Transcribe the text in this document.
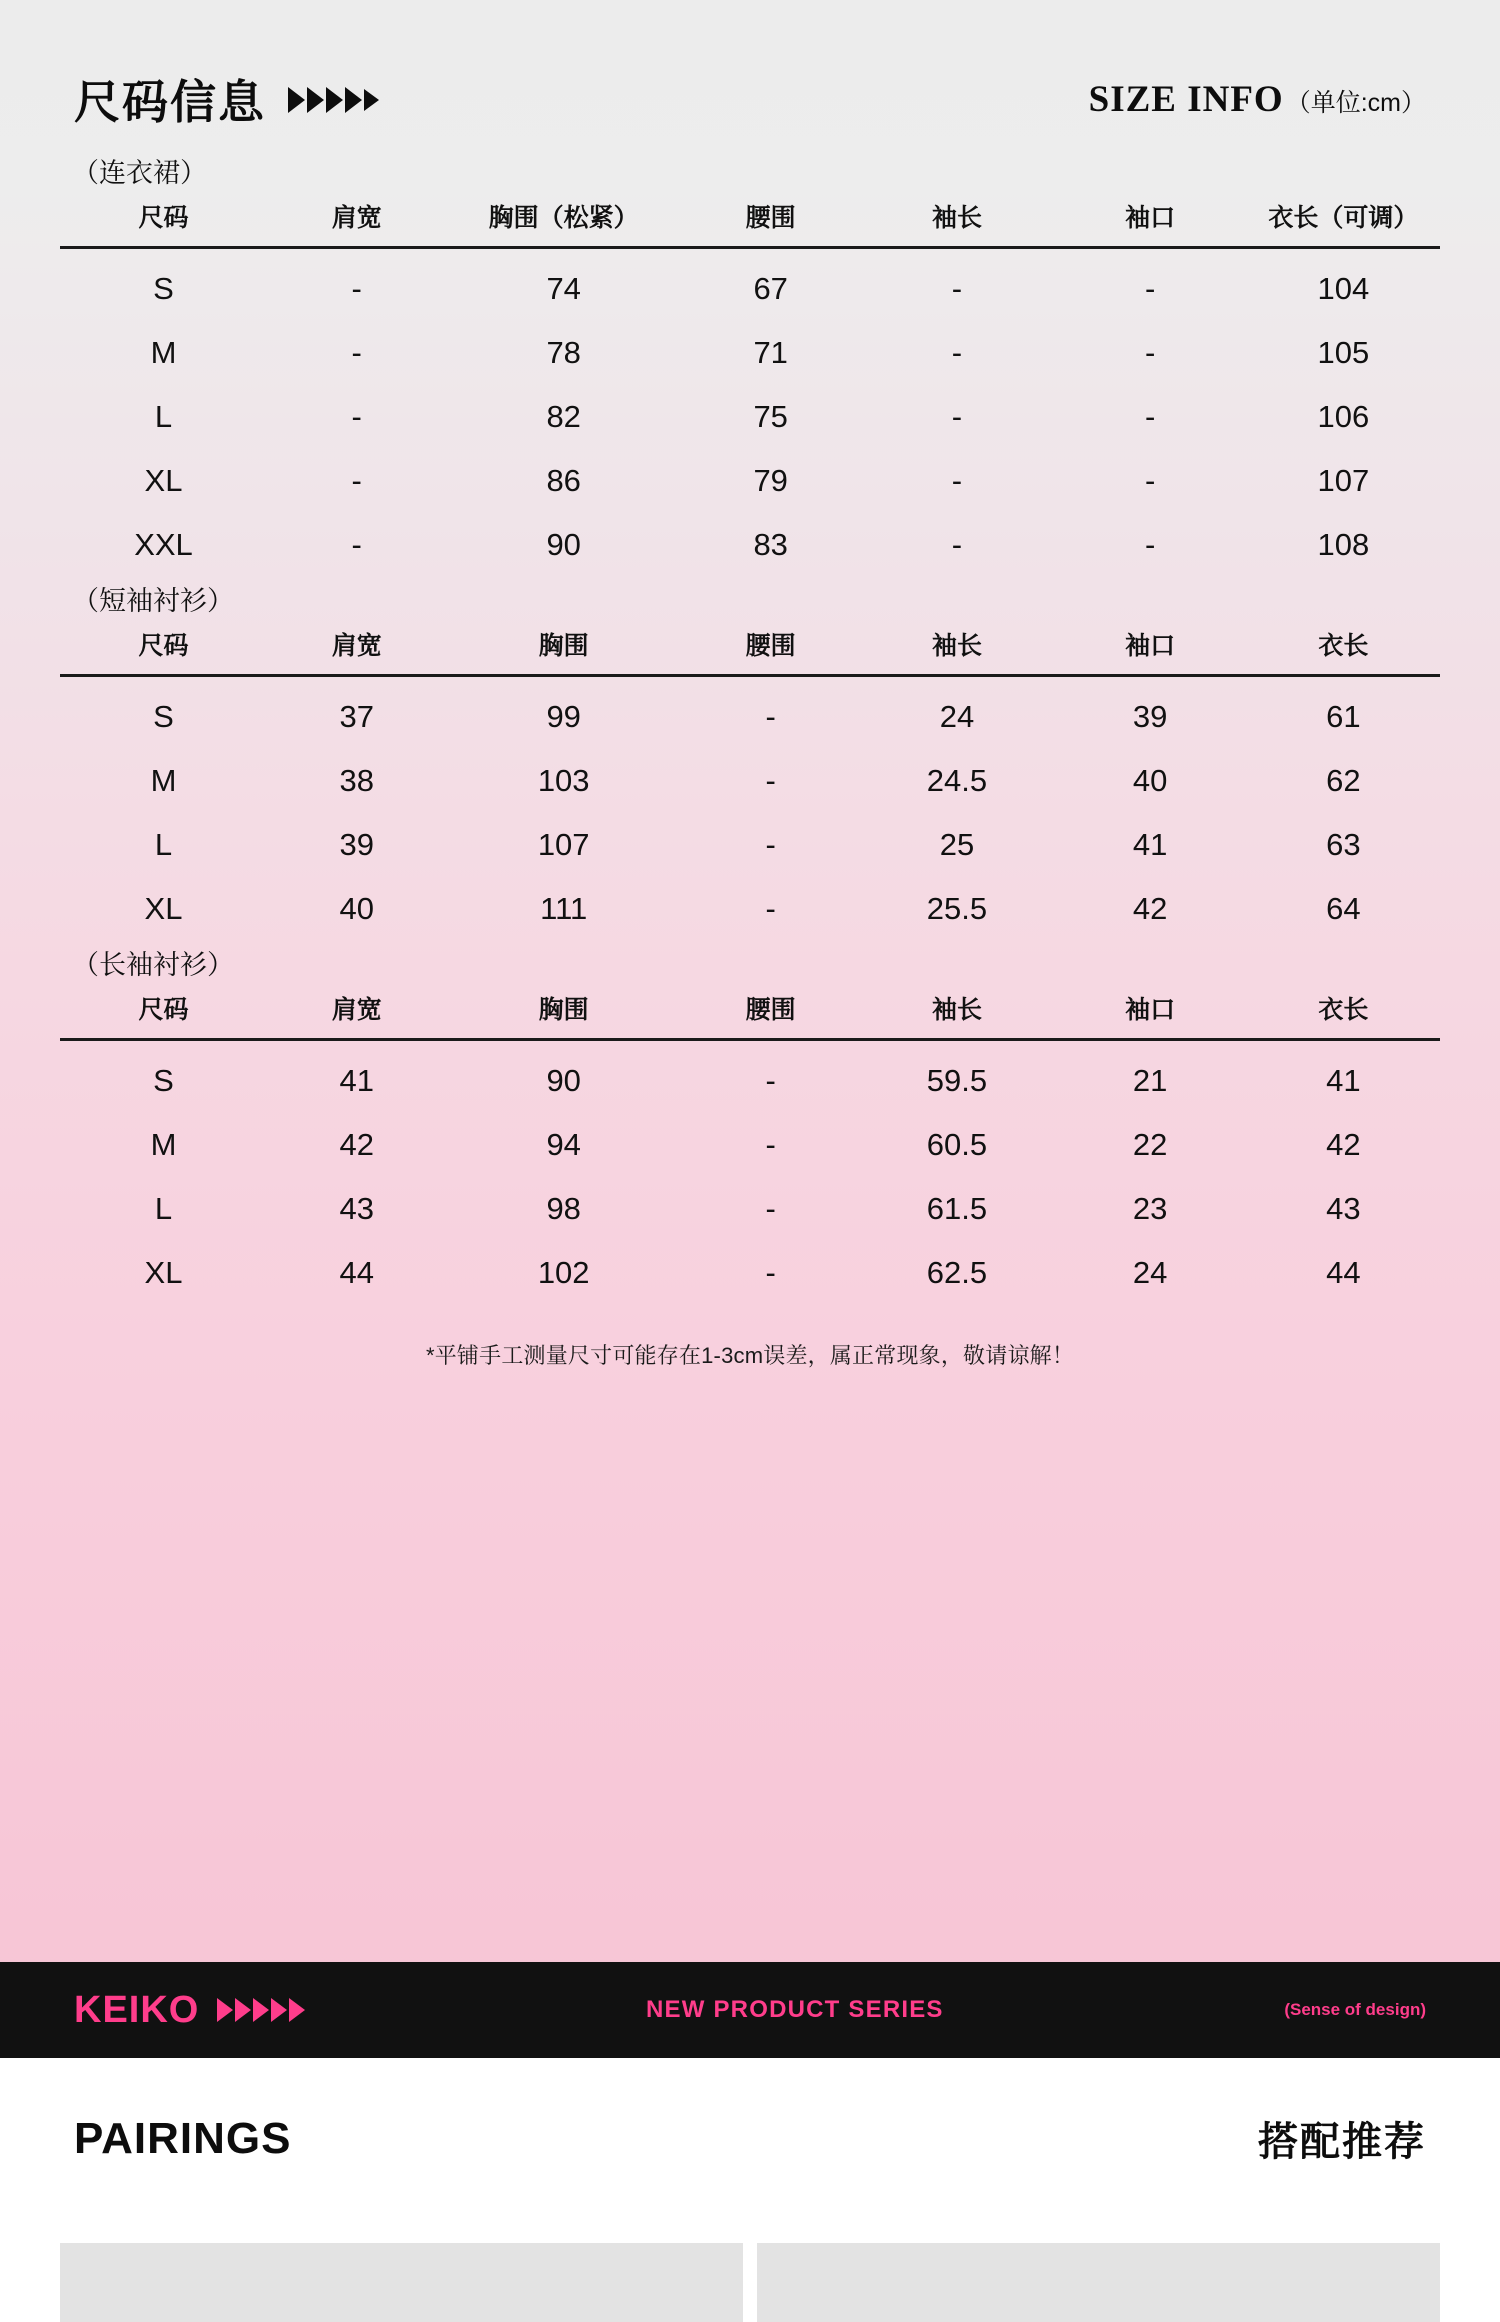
尺码信息	SIZE INFO （单位:cm）
（连衣裙）
尺码	肩宽	胸围（松紧）	腰围	袖长	袖口	衣长（可调）
S	-	74	67	-	-	104
M	-	78	71	-	-	105
L	-	82	75	-	-	106
XL	-	86	79	-	-	107
XXL	-	90	83	-	-	108
（短袖衬衫）
尺码	肩宽	胸围	腰围	袖长	袖口	衣长
S	37	99	-	24	39	61
M	38	103	-	24.5	40	62
L	39	107	-	25	41	63
XL	40	111	-	25.5	42	64
（长袖衬衫）
尺码	肩宽	胸围	腰围	袖长	袖口	衣长
S	41	90	-	59.5	21	41
M	42	94	-	60.5	22	42
L	43	98	-	61.5	23	43
XL	44	102	-	62.5	24	44
*平铺手工测量尺寸可能存在1-3cm误差，属正常现象，敬请谅解！
KEIKO	NEW PRODUCT SERIES	(Sense of design)
PAIRINGS	搭配推荐
